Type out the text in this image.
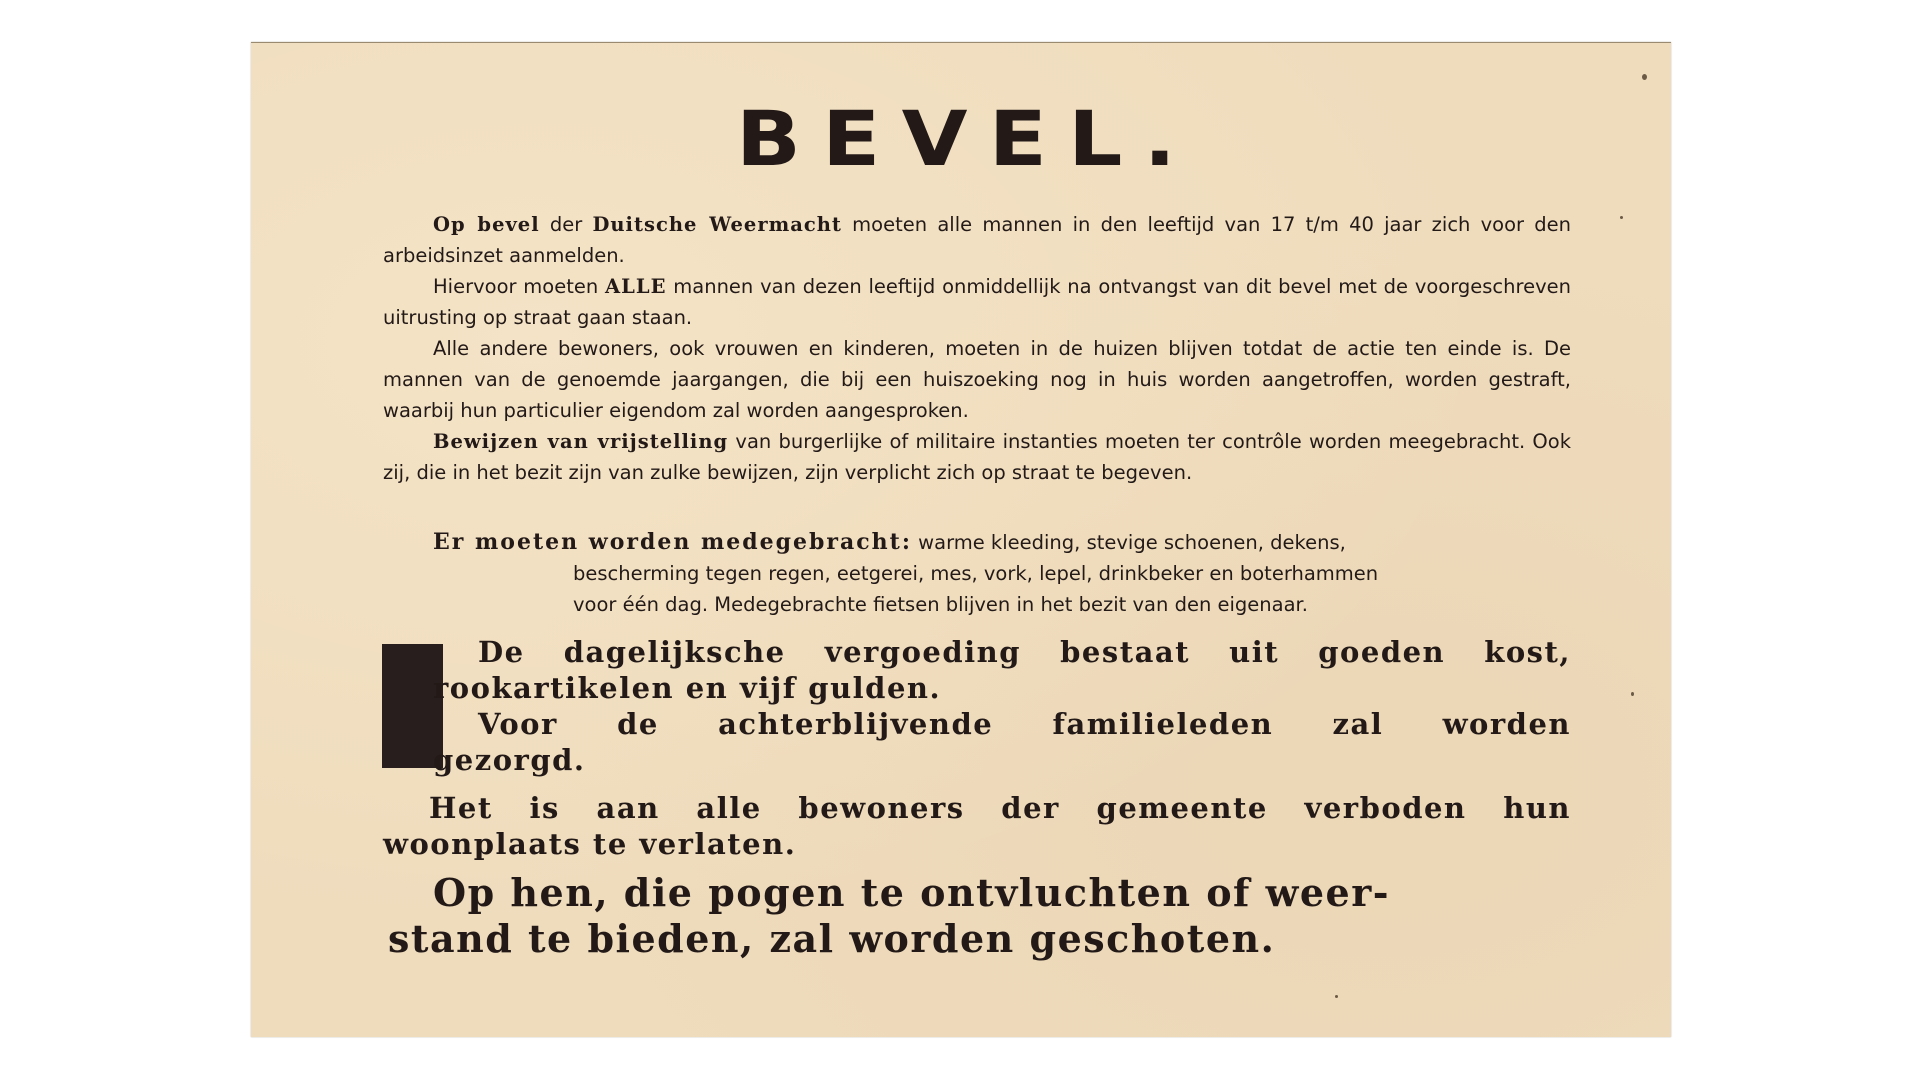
BEVEL.

Op bevel der Duitsche Weermacht moeten alle mannen in den leeftijd van 17 t/m 40 jaar zich voor den arbeidsinzet aanmelden.

Hiervoor moeten ALLE mannen van dezen leeftijd onmiddellijk na ontvangst van dit bevel met de voorgeschreven uitrusting op straat gaan staan.

Alle andere bewoners, ook vrouwen en kinderen, moeten in de huizen blijven totdat de actie ten einde is. De mannen van de genoemde jaargangen, die bij een huiszoeking nog in huis worden aangetroffen, worden gestraft, waarbij hun particulier eigendom zal worden aangesproken.

Bewijzen van vrijstelling van burgerlijke of militaire instanties moeten ter contrôle worden meegebracht. Ook zij, die in het bezit zijn van zulke bewijzen, zijn verplicht zich op straat te begeven.

Er moeten worden medegebracht: warme kleeding, stevige schoenen, dekens,
bescherming tegen regen, eetgerei, mes, vork, lepel, drinkbeker en boterhammen
voor één dag. Medegebrachte fietsen blijven in het bezit van den eigenaar.

De dagelijksche vergoeding bestaat uit goeden kost,

rookartikelen en vijf gulden.

Voor de achterblijvende familieleden zal worden

gezorgd.

Het is aan alle bewoners der gemeente verboden hun woonplaats te verlaten.

Op hen, die pogen te ontvluchten of weer-

stand te bieden, zal worden geschoten.
